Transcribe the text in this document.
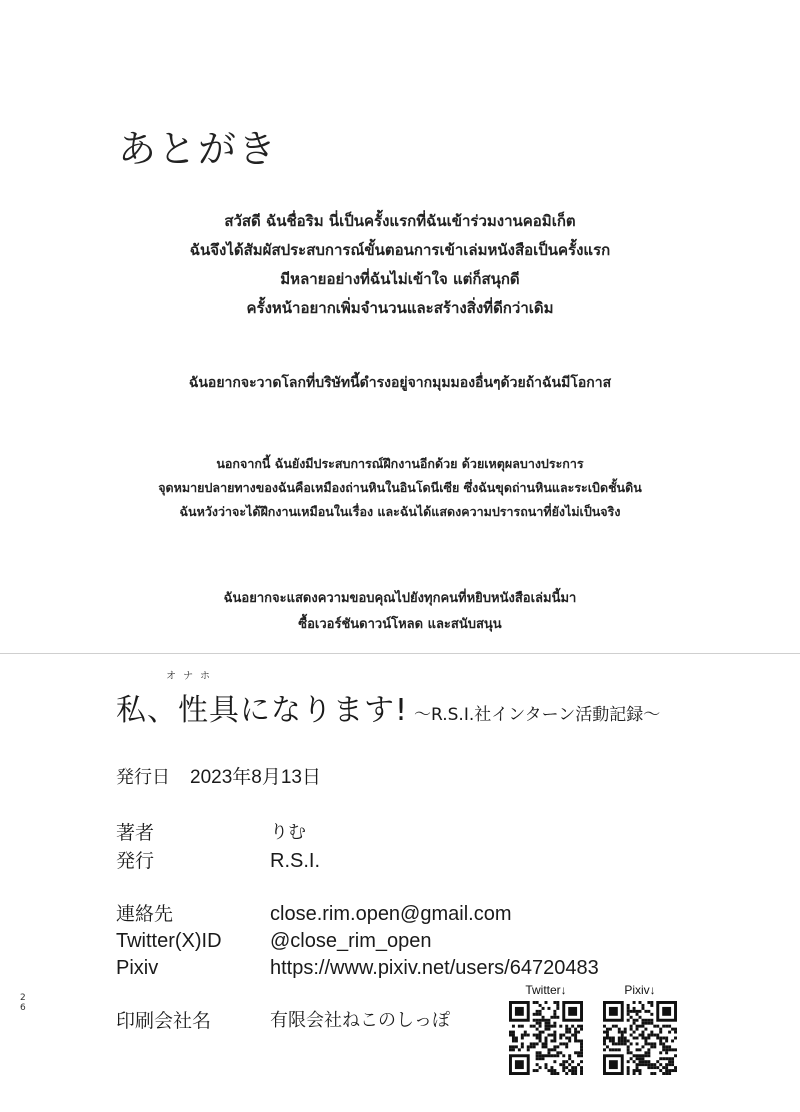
あとがき
สวัสดี ฉันชื่อริม นี่เป็นครั้งแรกที่ฉันเข้าร่วมงานคอมิเก็ต
ฉันจึงได้สัมผัสประสบการณ์ขั้นตอนการเข้าเล่มหนังสือเป็นครั้งแรก
มีหลายอย่างที่ฉันไม่เข้าใจ แต่ก็สนุกดี
ครั้งหน้าอยากเพิ่มจำนวนและสร้างสิ่งที่ดีกว่าเดิม
ฉันอยากจะวาดโลกที่บริษัทนี้ดำรงอยู่จากมุมมองอื่นๆด้วยถ้าฉันมีโอกาส
นอกจากนี้ ฉันยังมีประสบการณ์ฝึกงานอีกด้วย ด้วยเหตุผลบางประการ
จุดหมายปลายทางของฉันคือเหมืองถ่านหินในอินโดนีเซีย ซึ่งฉันขุดถ่านหินและระเบิดชั้นดิน
ฉันหวังว่าจะได้ฝึกงานเหมือนในเรื่อง และฉันได้แสดงความปรารถนาที่ยังไม่เป็นจริง
ฉันอยากจะแสดงความขอบคุณไปยังทุกคนที่หยิบหนังสือเล่มนี้มา
ซื้อเวอร์ชันดาวน์โหลด และสนับสนุน
オナホ
私、性具になります! 〜R.S.I.社インターン活動記録〜
発行日 2023年8月13日
著者	りむ
発行	R.S.I.
連絡先	close.rim.open@gmail.com
Twitter(X)ID @close_rim_open
Pixiv	https://www.pixiv.net/users/64720483
印刷会社名	有限会社ねこのしっぽ
2
6
Twitter↓	Pixiv↓
